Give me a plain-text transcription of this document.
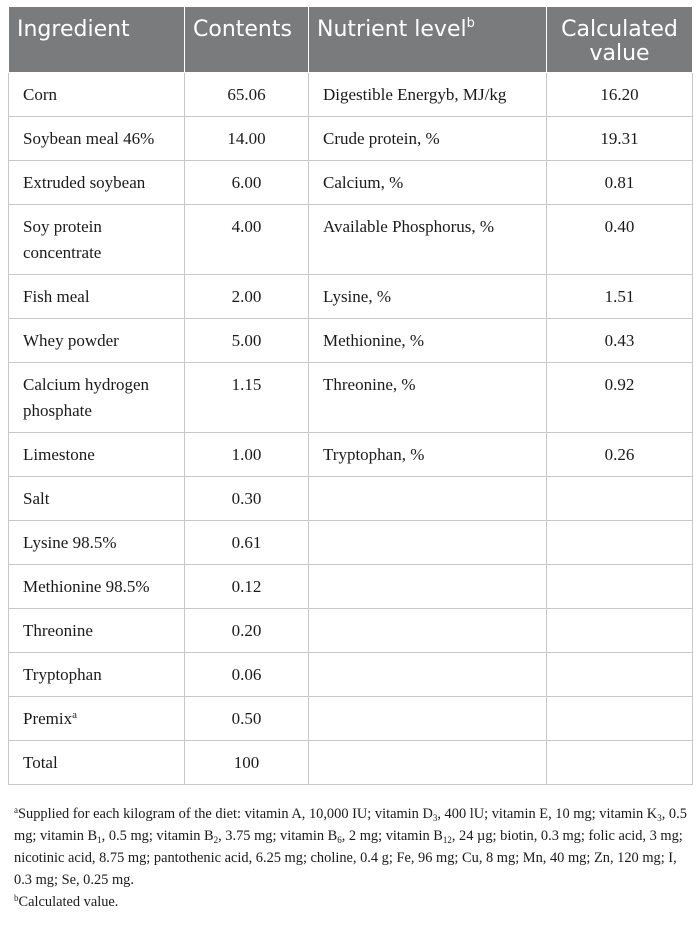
Ingredient	Contents	Nutrient level$^b$	Calculated value
Corn	65.06	Digestible Energyb, MJ/kg	16.20
Soybean meal 46%	14.00	Crude protein, %	19.31
Extruded soybean	6.00	Calcium, %	0.81
Soy protein concentrate	4.00	Available Phosphorus, %	0.40
Fish meal	2.00	Lysine, %	1.51
Whey powder	5.00	Methionine, %	0.43
Calcium hydrogen phosphate	1.15	Threonine, %	0.92
Limestone	1.00	Tryptophan, %	0.26
Salt	0.30		
Lysine 98.5%	0.61		
Methionine 98.5%	0.12		
Threonine	0.20		
Tryptophan	0.06		
Premix$^a$	0.50		
Total	100		

$^a$Supplied for each kilogram of the diet: vitamin A, 10,000 IU; vitamin $D_3$, 400 lU; vitamin E, 10 mg; vitamin $K_3$, 0.5 mg; vitamin $B_1$, 0.5 mg; vitamin $B_2$, 3.75 mg; vitamin $B_6$, 2 mg; vitamin $B_{12}$, 24 µg; biotin, 0.3 mg; folic acid, 3 mg; nicotinic acid, 8.75 mg; pantothenic acid, 6.25 mg; choline, 0.4 g; Fe, 96 mg; Cu, 8 mg; Mn, 40 mg; Zn, 120 mg; I, 0.3 mg; Se, 0.25 mg.

$^b$Calculated value.
